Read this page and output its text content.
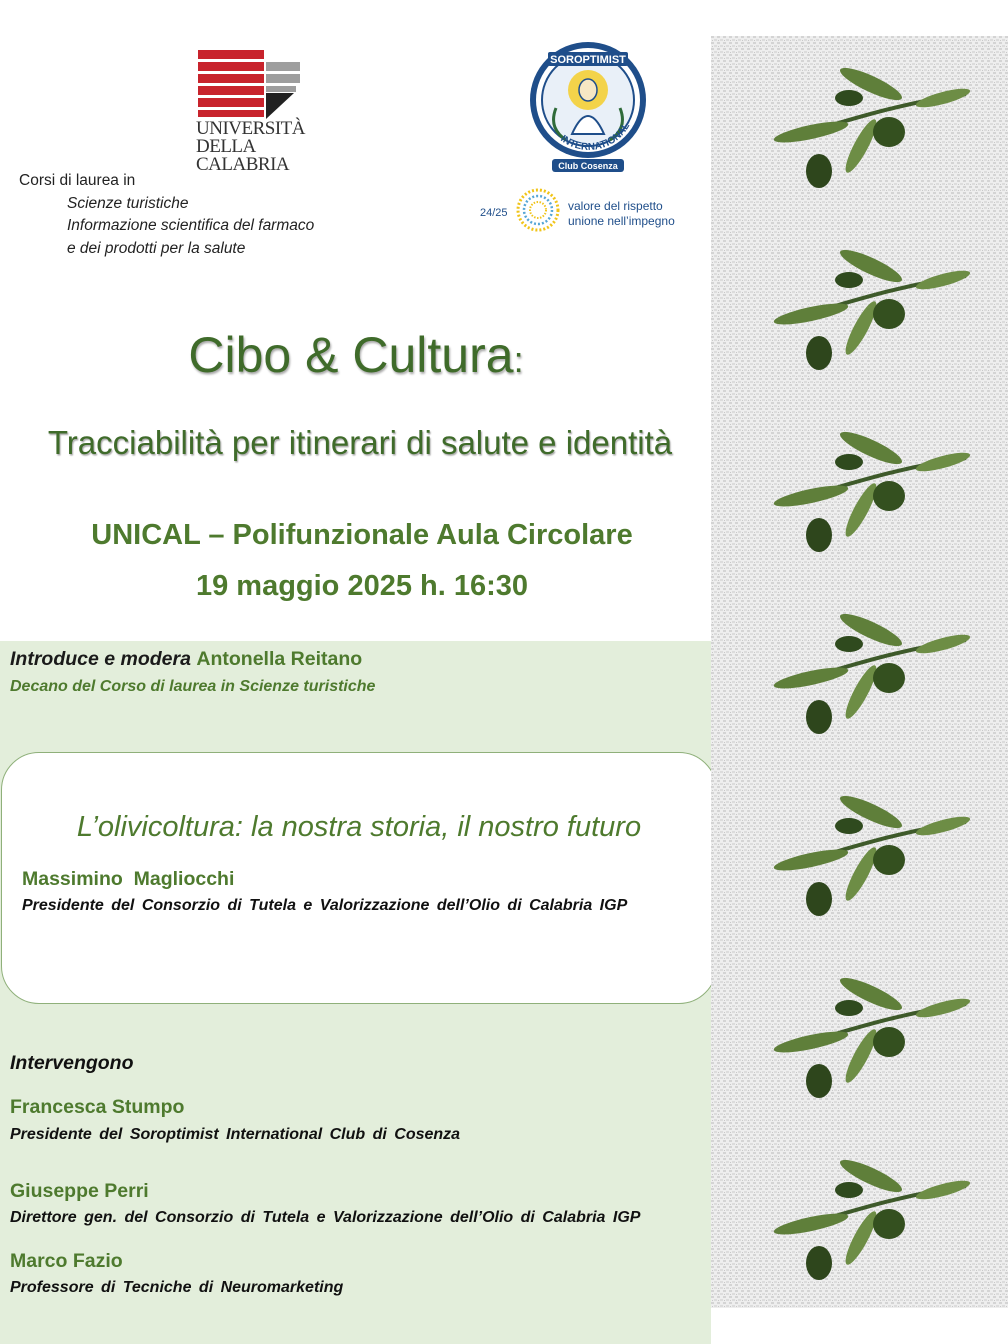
UNIVERSITÀ
DELLA
CALABRIA
Corsi di laurea in
Scienze turistiche
Informazione scientifica del farmaco
e dei prodotti per la salute
SOROPTIMIST
INTERNATIONAL
Club Cosenza
24/25	valore del rispetto
unione nell’impegno
Cibo & Cultura:
Tracciabilità per itinerari di salute e identità
UNICAL – Polifunzionale Aula Circolare
19 maggio 2025 h. 16:30
Introduce e modera Antonella Reitano
Decano del Corso di laurea in Scienze turistiche
L’olivicoltura: la nostra storia, il nostro futuro
Massimino  Magliocchi
Presidente del Consorzio di Tutela e Valorizzazione dell’Olio di Calabria IGP
Intervengono
Francesca Stumpo
Presidente del Soroptimist International Club di Cosenza
Giuseppe Perri
Direttore gen. del Consorzio di Tutela e Valorizzazione dell’Olio di Calabria IGP
Marco Fazio
Professore di Tecniche di Neuromarketing
